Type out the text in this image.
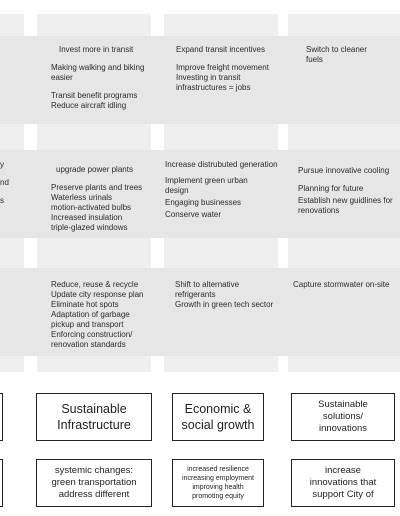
Invest more in transit
Making walking and biking
easier
Transit benefit programs
Reduce aircraft idling
Expand transit incentives
Improve freight movement
Investing in transit
infrastructures = jobs
Switch to cleaner
fuels
y
nd
s
upgrade power plants
Preserve plants and trees
Waterless urinals
motion-activated bulbs
Increased insulation
triple-glazed windows
Increase distrubuted generation
Implement green urban
design
Engaging businesses
Conserve water
Pursue innovative cooling
Planning for future
Establish new guidlines for
renovations
Reduce, reuse & recycle
Update city response plan
Eliminate hot spots
Adaptation of garbage
pickup and transport
Enforcing construction/
renovation standards
Shift to alternative
refrigerants
Growth in green tech sector
Capture stormwater on-site
Sustainable Infrastructure
Economic & social growth
Sustainable solutions/ innovations
systemic changes: green transportation address different
increased resilience increasing employment improving health promoting equity
increase innovations that support City of
